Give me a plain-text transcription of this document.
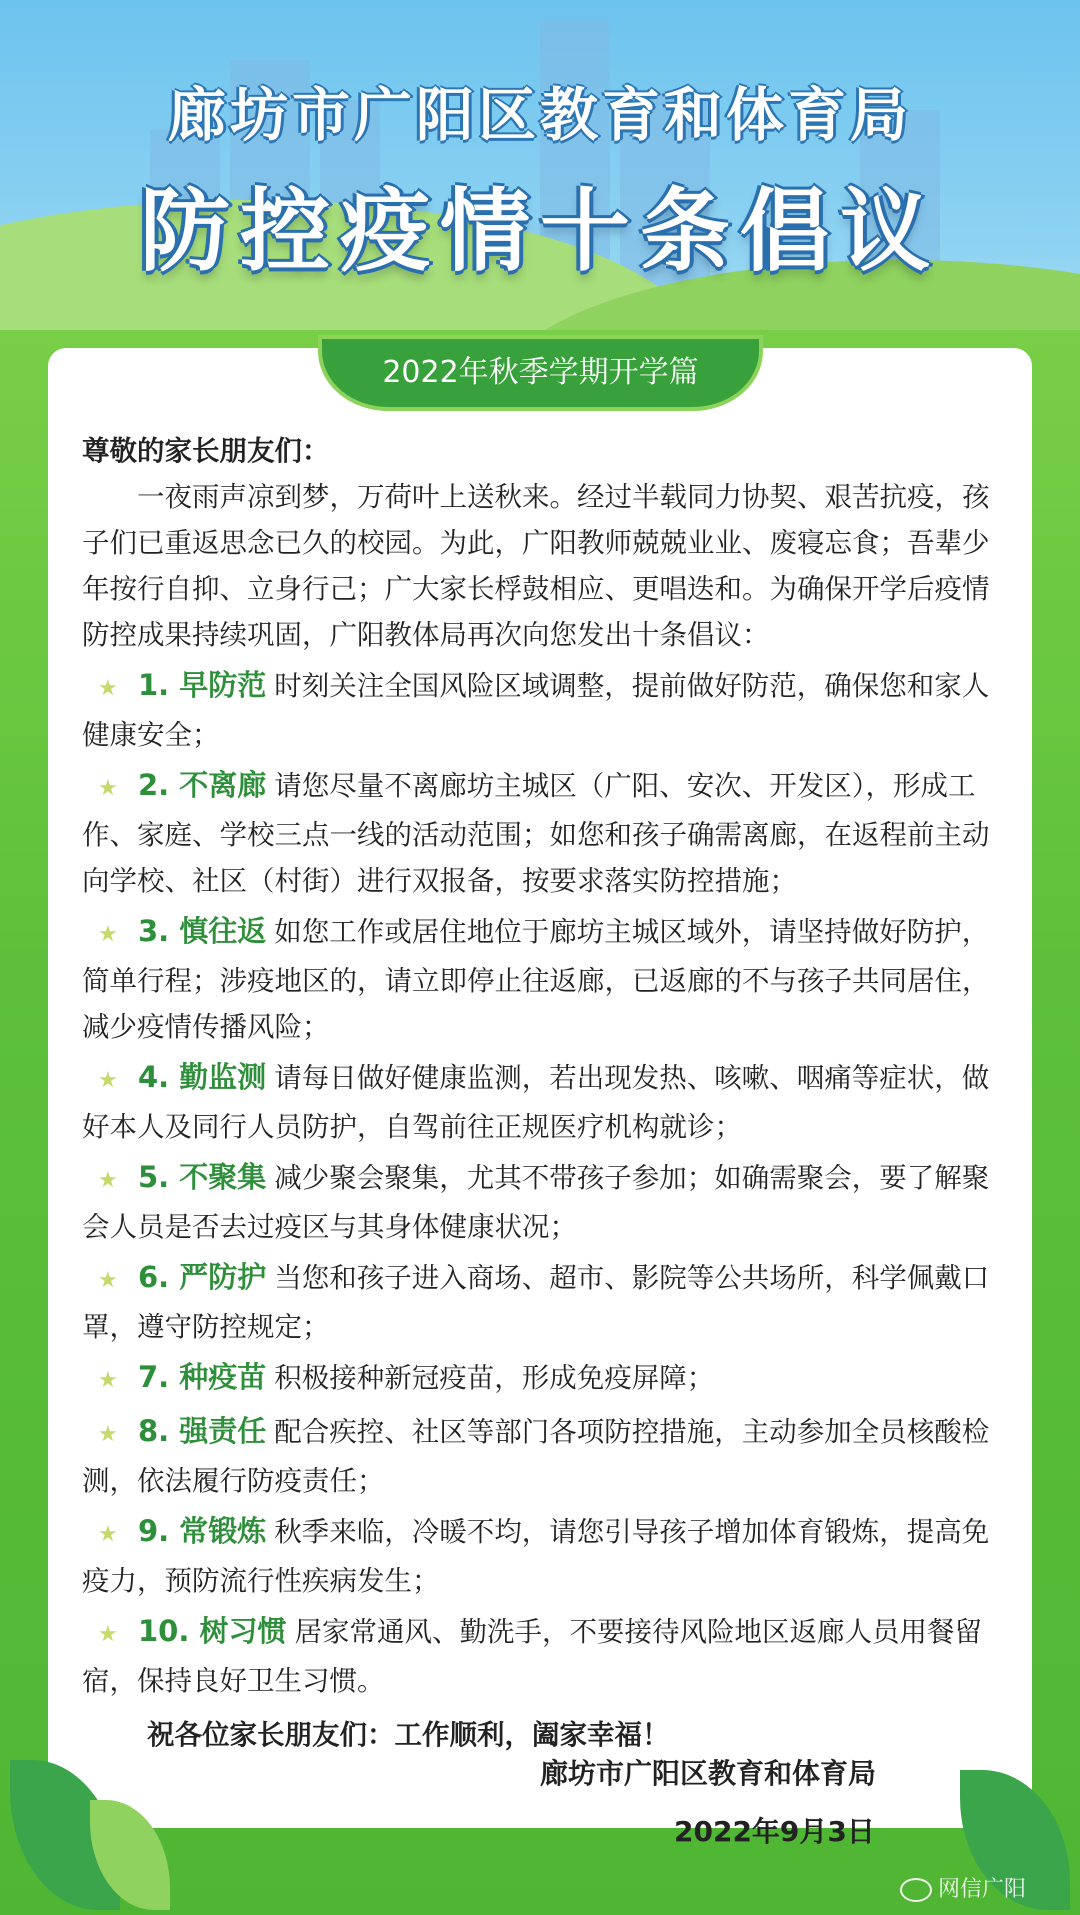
廊坊市广阳区教育和体育局
防控疫情十条倡议
2022年秋季学期开学篇

尊敬的家长朋友们：

一夜雨声凉到梦，万荷叶上送秋来。经过半载同力协契、艰苦抗疫，孩子们已重返思念已久的校园。为此，广阳教师兢兢业业、废寝忘食；吾辈少年按行自抑、立身行己；广大家长桴鼓相应、更唱迭和。为确保开学后疫情防控成果持续巩固，广阳教体局再次向您发出十条倡议：

★ 1. 早防范 时刻关注全国风险区域调整，提前做好防范，确保您和家人健康安全；

★ 2. 不离廊 请您尽量不离廊坊主城区（广阳、安次、开发区），形成工作、家庭、学校三点一线的活动范围；如您和孩子确需离廊，在返程前主动向学校、社区（村街）进行双报备，按要求落实防控措施；

★ 3. 慎往返 如您工作或居住地位于廊坊主城区域外，请坚持做好防护，简单行程；涉疫地区的，请立即停止往返廊，已返廊的不与孩子共同居住，减少疫情传播风险；

★ 4. 勤监测 请每日做好健康监测，若出现发热、咳嗽、咽痛等症状，做好本人及同行人员防护，自驾前往正规医疗机构就诊；

★ 5. 不聚集 减少聚会聚集，尤其不带孩子参加；如确需聚会，要了解聚会人员是否去过疫区与其身体健康状况；

★ 6. 严防护 当您和孩子进入商场、超市、影院等公共场所，科学佩戴口罩，遵守防控规定；

★ 7. 种疫苗 积极接种新冠疫苗，形成免疫屏障；

★ 8. 强责任 配合疾控、社区等部门各项防控措施，主动参加全员核酸检测，依法履行防疫责任；

★ 9. 常锻炼 秋季来临，冷暖不均，请您引导孩子增加体育锻炼，提高免疫力，预防流行性疾病发生；

★ 10. 树习惯 居家常通风、勤洗手，不要接待风险地区返廊人员用餐留宿，保持良好卫生习惯。

祝各位家长朋友们：工作顺利，阖家幸福！

廊坊市广阳区教育和体育局
2022年9月3日
网信广阳
